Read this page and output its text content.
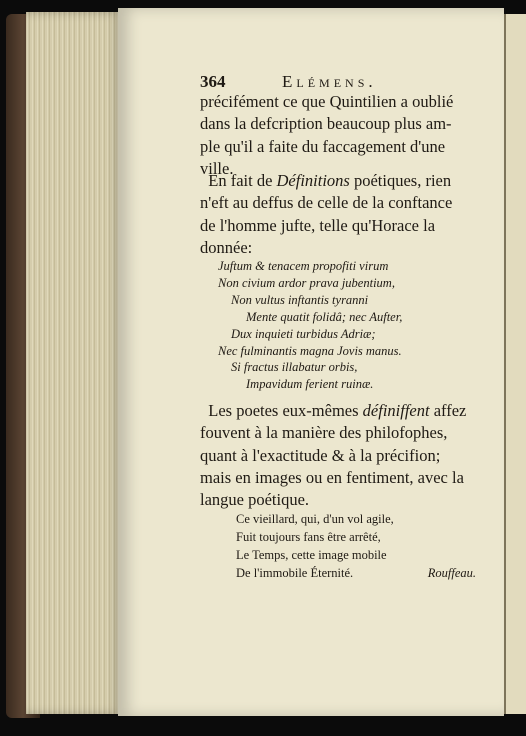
364	Elémens.

précifément ce que Quintilien a oublié

dans la defcription beaucoup plus am-

ple qu'il a faite du faccagement d'une

ville.

En fait de Définitions poétiques, rien

n'eft au deffus de celle de la conftance

de l'homme jufte, telle qu'Horace la

donnée:

Juftum & tenacem propofiti virum
Non civium ardor prava jubentium,
Non vultus inftantis tyranni
Mente quatit folidâ; nec Aufter,
Dux inquieti turbidus Adriæ;
Nec fulminantis magna Jovis manus.
Si fractus illabatur orbis,
Impavidum ferient ruinæ.

Les poetes eux-mêmes définiffent affez

fouvent à la manière des philofophes,

quant à l'exactitude & à la précifion;

mais en images ou en fentiment, avec la

langue poétique.

Ce vieillard, qui, d'un vol agile,
Fuit toujours fans être arrêté,
Le Temps, cette image mobile
De l'immobile Éternité.	Rouffeau.
